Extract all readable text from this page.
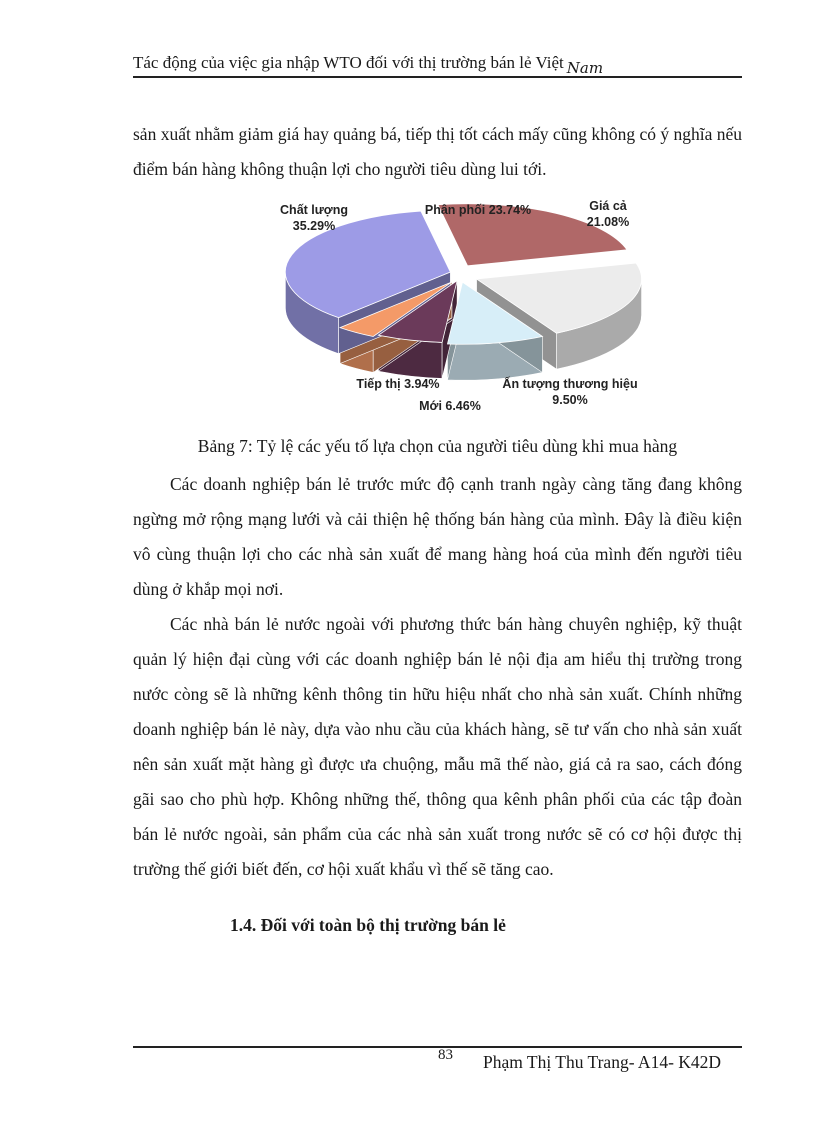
Tác động của việc gia nhập WTO đối với thị trường bán lẻ Việt Nam
sản xuất nhằm giảm giá hay quảng bá, tiếp thị tốt cách mấy cũng không có ý nghĩa nếu điểm bán hàng không thuận lợi cho người tiêu dùng lui tới.
Phân phối 23.74%	Giá cả
21.08%
Ấn tượng thương hiệu
9.50%
Mới 6.46%
Tiếp thị 3.94%
Chất lượng
35.29%
Bảng 7: Tỷ lệ các yếu tố lựa chọn của người tiêu dùng khi mua hàng
Các doanh nghiệp bán lẻ trước mức độ cạnh tranh ngày càng tăng đang không ngừng mở rộng mạng lưới và cải thiện hệ thống bán hàng của mình. Đây là điều kiện vô cùng thuận lợi cho các nhà sản xuất để mang hàng hoá của mình đến người tiêu dùng ở khắp mọi nơi.
Các nhà bán lẻ nước ngoài với phương thức bán hàng chuyên nghiệp, kỹ thuật quản lý hiện đại cùng với các doanh nghiệp bán lẻ nội địa am hiểu thị trường trong nước còng sẽ là những kênh thông tin hữu hiệu nhất cho nhà sản xuất. Chính những doanh nghiệp bán lẻ này, dựa vào nhu cầu của khách hàng, sẽ tư vấn cho nhà sản xuất nên sản xuất mặt hàng gì được ưa chuộng, mẫu mã thế nào, giá cả ra sao, cách đóng gãi sao cho phù hợp. Không những thế, thông qua kênh phân phối của các tập đoàn bán lẻ nước ngoài, sản phẩm của các nhà sản xuất trong nước sẽ có cơ hội được thị trường thế giới biết đến, cơ hội xuất khẩu vì thế sẽ tăng cao.
1.4. Đối với toàn bộ thị trường bán lẻ
83 Phạm Thị Thu Trang- A14- K42D
